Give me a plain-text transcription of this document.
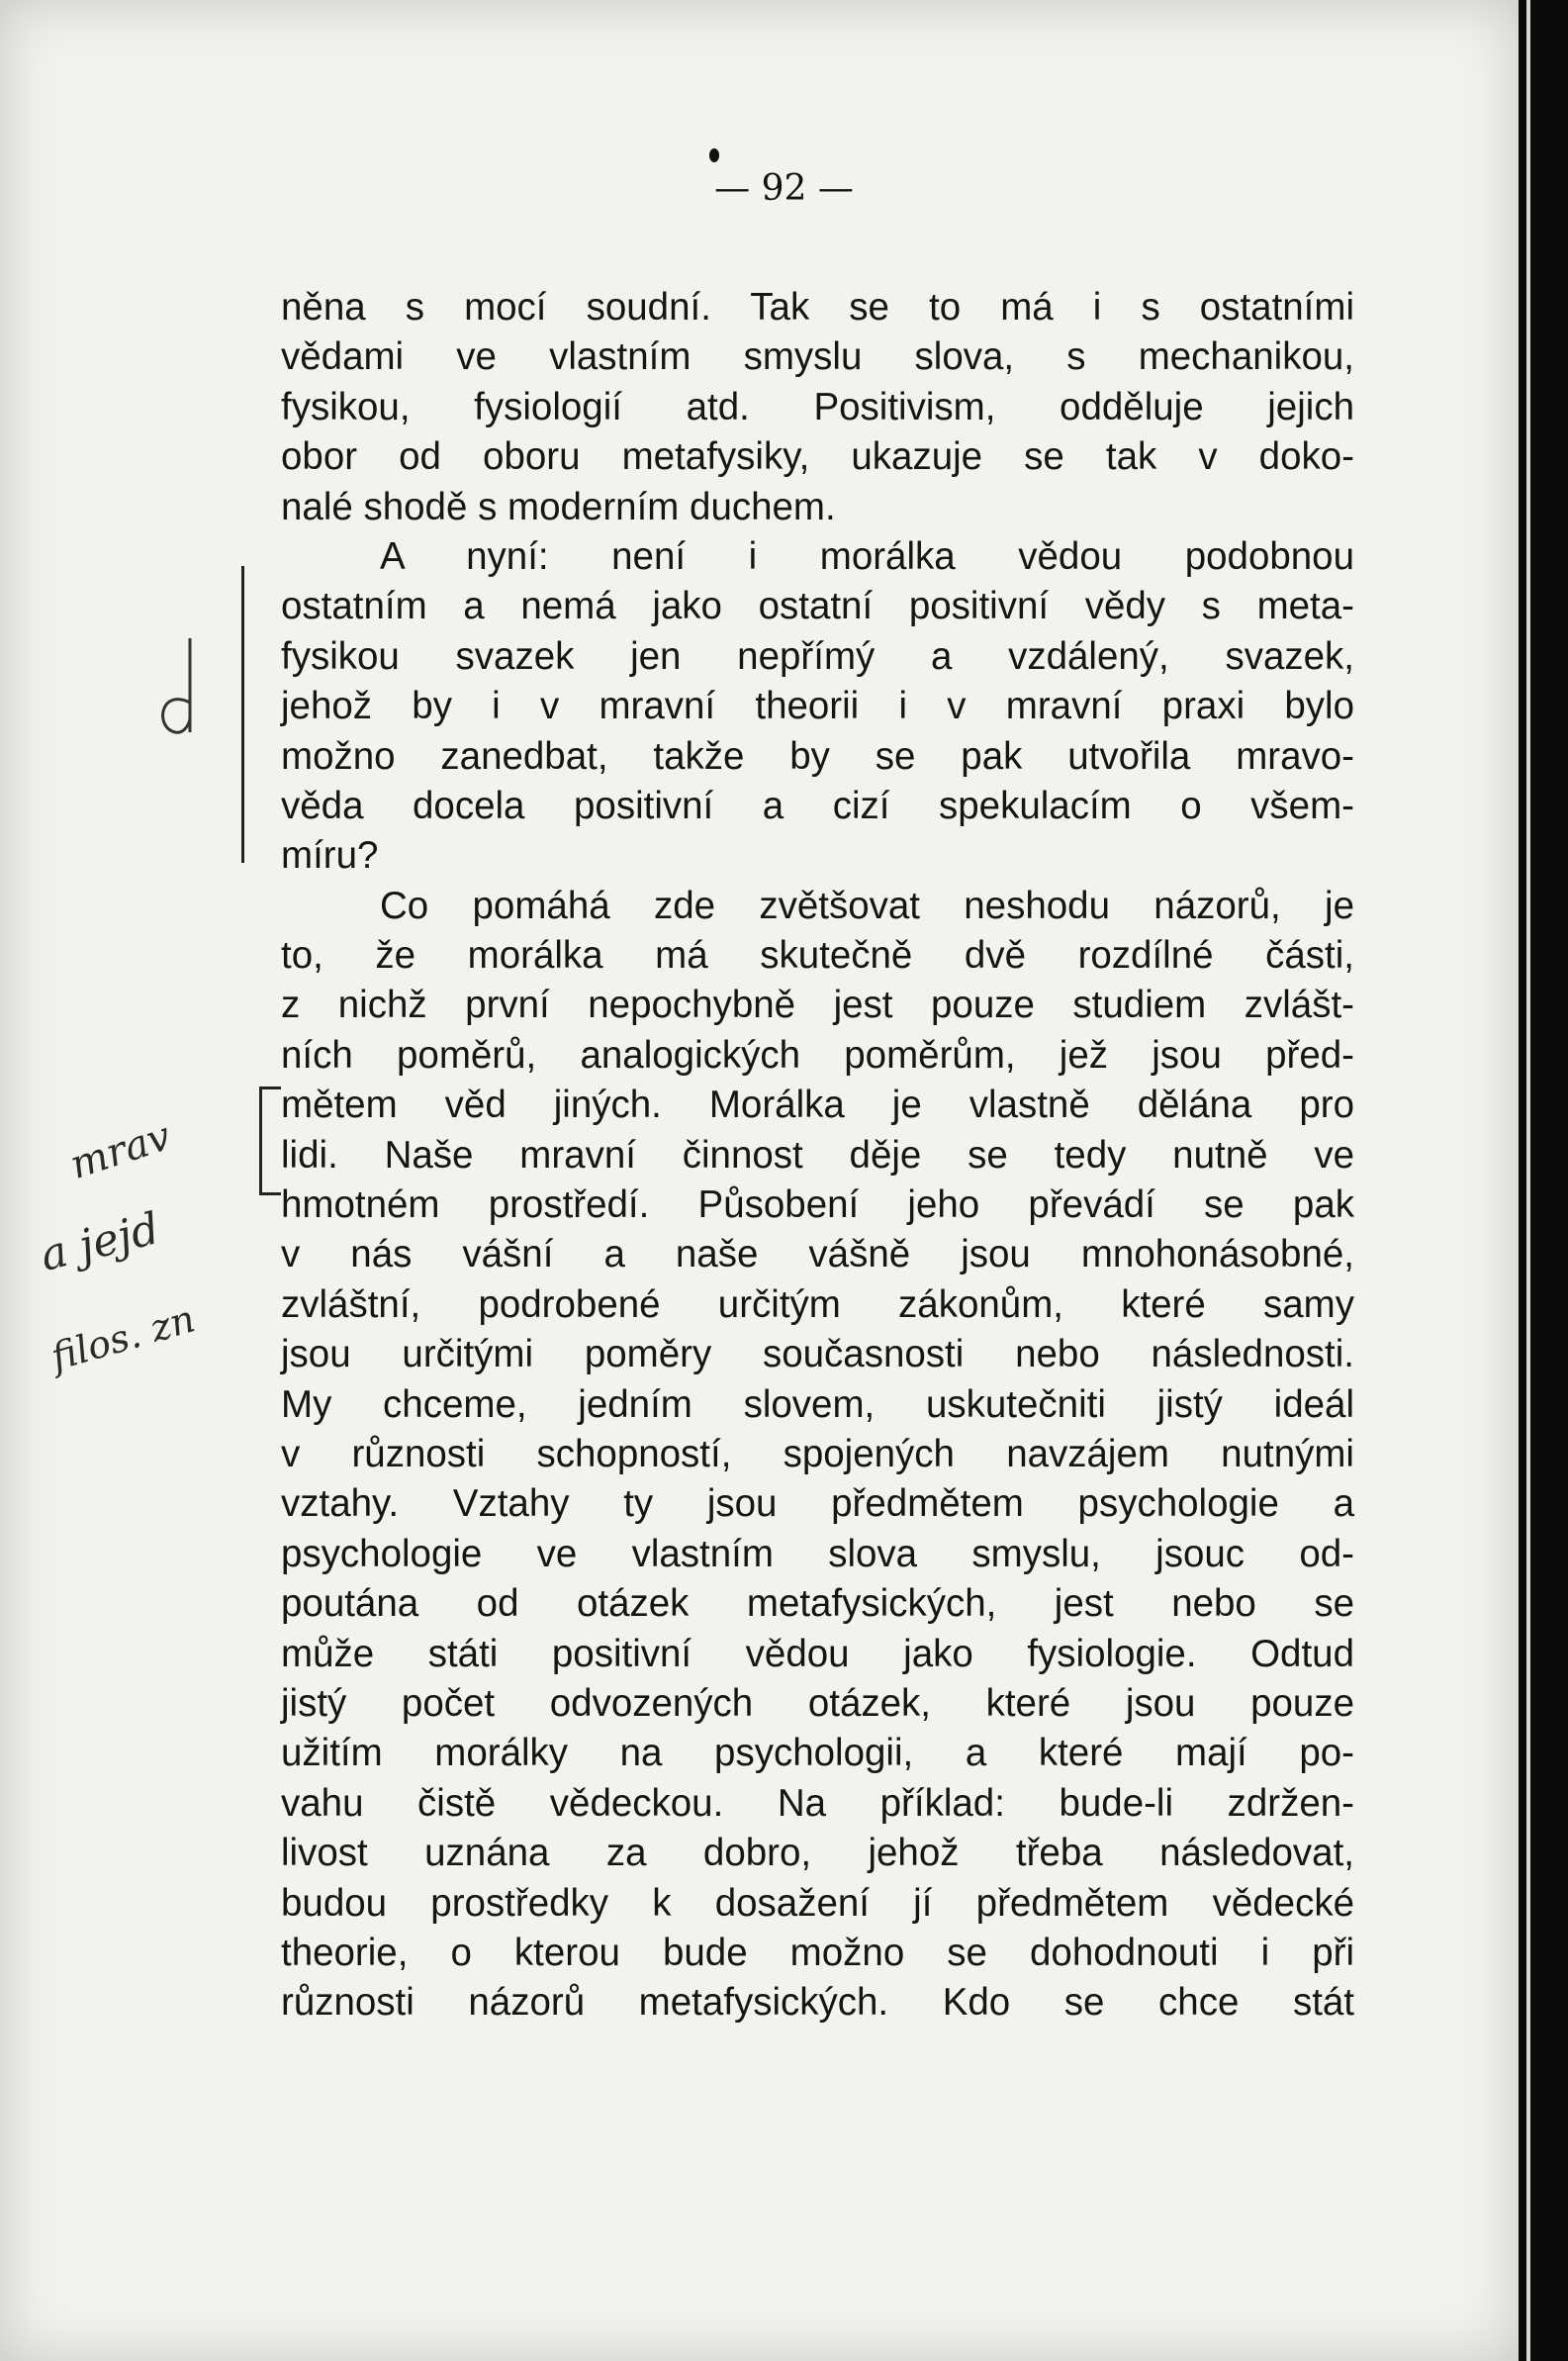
— 92 —
mrav
a jejd
filos. zn
něna s mocí soudní. Tak se to má i s ostatními
vědami ve vlastním smyslu slova, s mechanikou,
fysikou, fysiologií atd. Positivism, odděluje jejich
obor od oboru metafysiky, ukazuje se tak v doko-
nalé shodě s moderním duchem.
A nyní: není i morálka vědou podobnou
ostatním a nemá jako ostatní positivní vědy s meta-
fysikou svazek jen nepřímý a vzdálený, svazek,
jehož by i v mravní theorii i v mravní praxi bylo
možno zanedbat, takže by se pak utvořila mravo-
věda docela positivní a cizí spekulacím o všem-
míru?
Co pomáhá zde zvětšovat neshodu názorů, je
to, že morálka má skutečně dvě rozdílné části,
z nichž první nepochybně jest pouze studiem zvlášt-
ních poměrů, analogických poměrům, jež jsou před-
mětem věd jiných. Morálka je vlastně dělána pro
lidi. Naše mravní činnost děje se tedy nutně ve
hmotném prostředí. Působení jeho převádí se pak
v nás vášní a naše vášně jsou mnohonásobné,
zvláštní, podrobené určitým zákonům, které samy
jsou určitými poměry současnosti nebo následnosti.
My chceme, jedním slovem, uskutečniti jistý ideál
v různosti schopností, spojených navzájem nutnými
vztahy. Vztahy ty jsou předmětem psychologie a
psychologie ve vlastním slova smyslu, jsouc od-
poutána od otázek metafysických, jest nebo se
může státi positivní vědou jako fysiologie. Odtud
jistý počet odvozených otázek, které jsou pouze
užitím morálky na psychologii, a které mají po-
vahu čistě vědeckou. Na příklad: bude-li zdržen-
livost uznána za dobro, jehož třeba následovat,
budou prostředky k dosažení jí předmětem vědecké
theorie, o kterou bude možno se dohodnouti i při
různosti názorů metafysických. Kdo se chce stát
